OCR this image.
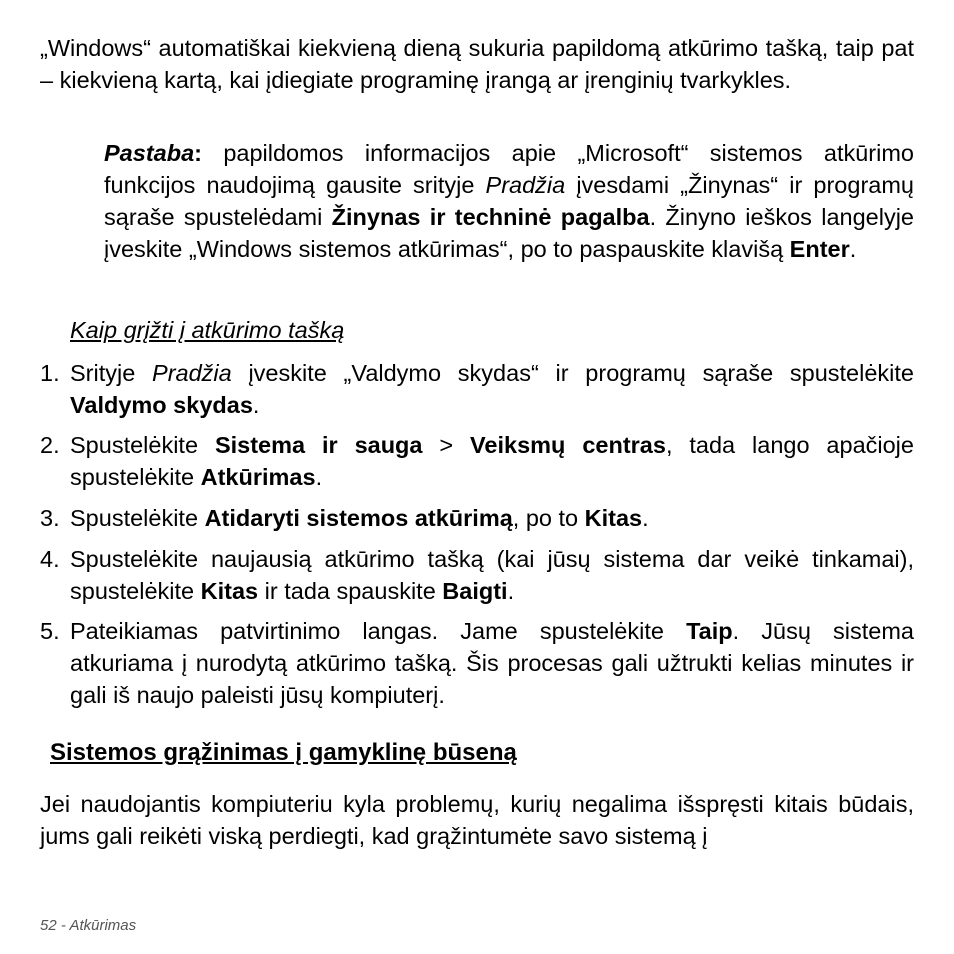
„Windows“ automatiškai kiekvieną dieną sukuria papildomą atkūrimo tašką, taip pat – kiekvieną kartą, kai įdiegiate programinę įrangą ar įrenginių tvarkykles.

Pastaba: papildomos informacijos apie „Microsoft“ sistemos atkūrimo funkcijos naudojimą gausite srityje Pradžia įvesdami „Žinynas“ ir programų sąraše spustelėdami Žinynas ir techninė pagalba. Žinyno ieškos langelyje įveskite „Windows sistemos atkūrimas“, po to paspauskite klavišą Enter.

Kaip grįžti į atkūrimo tašką
1. Srityje Pradžia įveskite „Valdymo skydas“ ir programų sąraše spustelėkite Valdymo skydas.
2. Spustelėkite Sistema ir sauga > Veiksmų centras, tada lango apačioje spustelėkite Atkūrimas.
3. Spustelėkite Atidaryti sistemos atkūrimą, po to Kitas.
4. Spustelėkite naujausią atkūrimo tašką (kai jūsų sistema dar veikė tinkamai), spustelėkite Kitas ir tada spauskite Baigti.
5. Pateikiamas patvirtinimo langas. Jame spustelėkite Taip. Jūsų sistema atkuriama į nurodytą atkūrimo tašką. Šis procesas gali užtrukti kelias minutes ir gali iš naujo paleisti jūsų kompiuterį.
Sistemos grąžinimas į gamyklinę būseną

Jei naudojantis kompiuteriu kyla problemų, kurių negalima išspręsti kitais būdais, jums gali reikėti viską perdiegti, kad grąžintumėte savo sistemą į

52 - Atkūrimas
